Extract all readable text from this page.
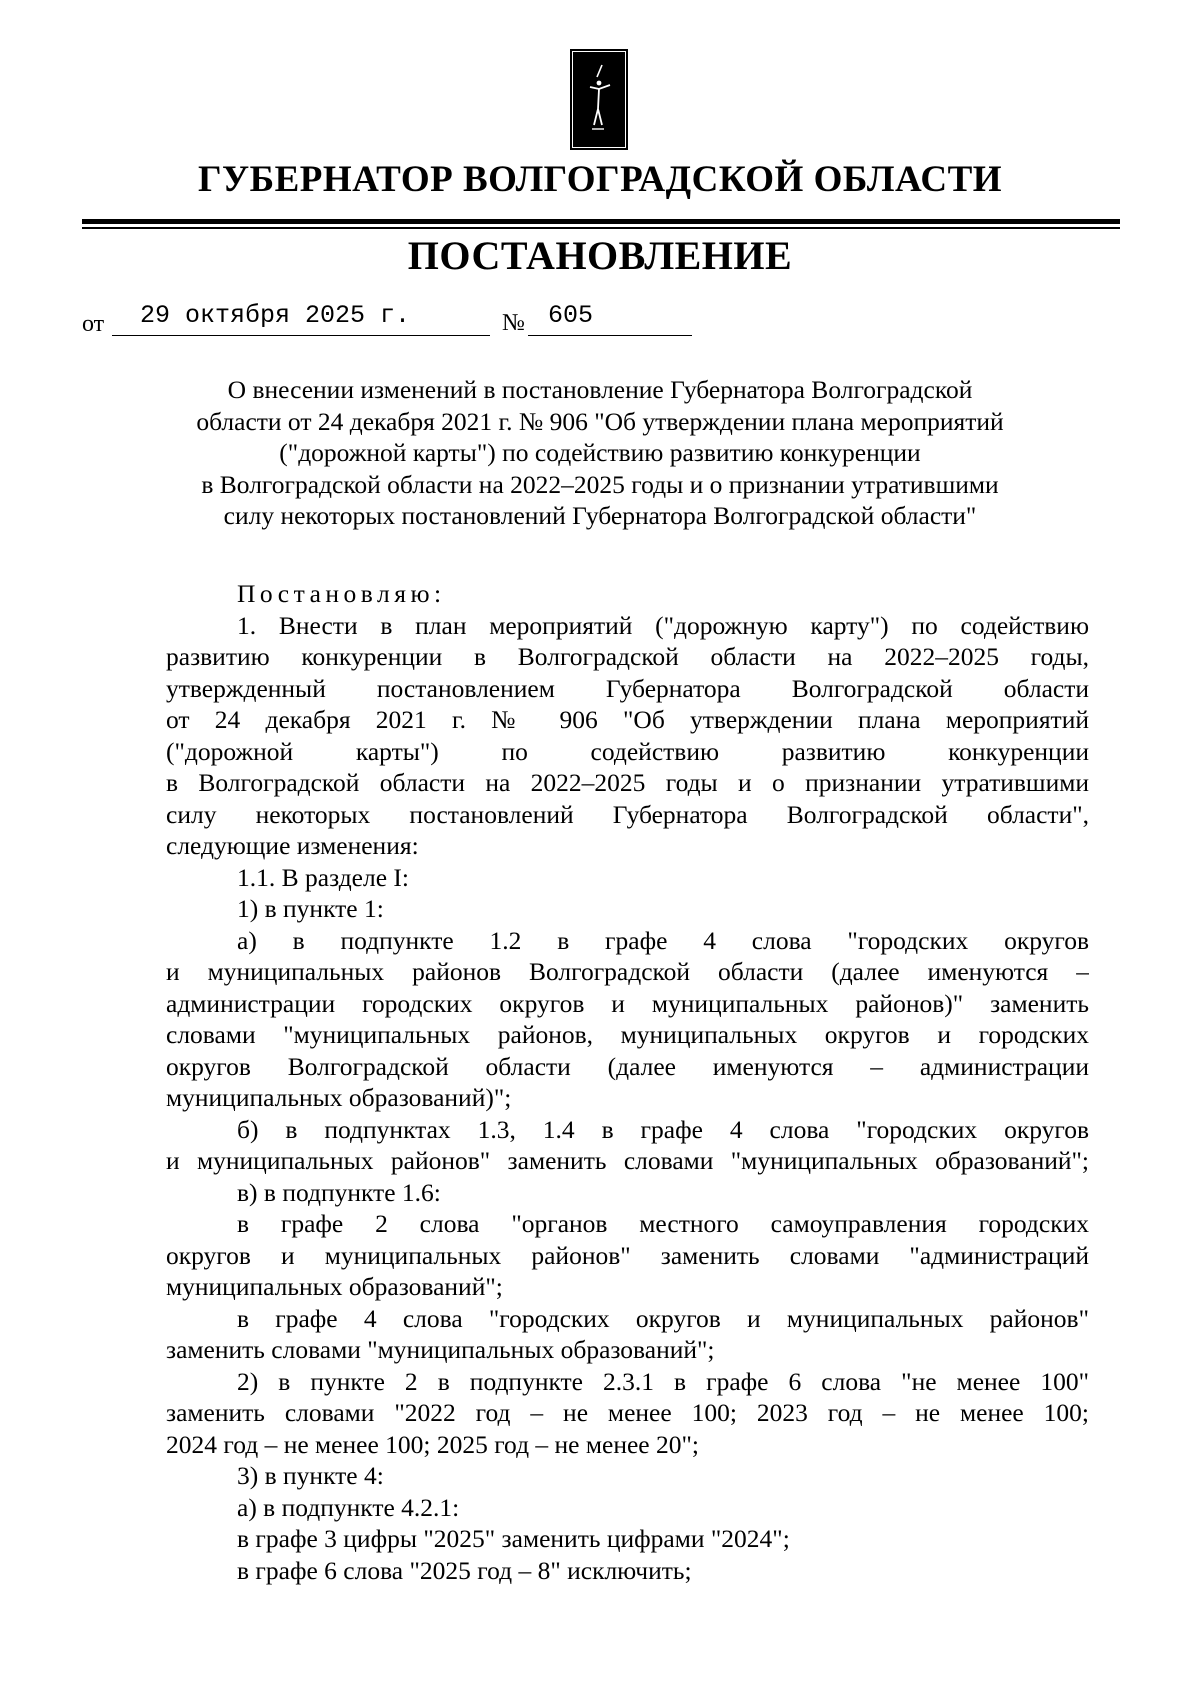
ГУБЕРНАТОР ВОЛГОГРАДСКОЙ ОБЛАСТИ
ПОСТАНОВЛЕНИЕ
от 29 октября 2025 г.	№ 605
О внесении изменений в постановление Губернатора Волгоградской
области от 24 декабря 2021 г. № 906 "Об утверждении плана мероприятий
("дорожной карты") по содействию развитию конкуренции
в Волгоградской области на 2022–2025 годы и о признании утратившими
силу некоторых постановлений Губернатора Волгоградской области"
Постановляю:
1. Внести в план мероприятий ("дорожную карту") по содействию
развитию конкуренции в Волгоградской области на 2022–2025 годы,
утвержденный постановлением Губернатора Волгоградской области
от 24 декабря 2021 г. № 906 "Об утверждении плана мероприятий
("дорожной карты") по содействию развитию конкуренции
в Волгоградской области на 2022–2025 годы и о признании утратившими
силу некоторых постановлений Губернатора Волгоградской области",
следующие изменения:
1.1. В разделе I:
1) в пункте 1:
а) в подпункте 1.2 в графе 4 слова "городских округов
и муниципальных районов Волгоградской области (далее именуются –
администрации городских округов и муниципальных районов)" заменить
словами "муниципальных районов, муниципальных округов и городских
округов Волгоградской области (далее именуются – администрации
муниципальных образований)";
б) в подпунктах 1.3, 1.4 в графе 4 слова "городских округов
и муниципальных районов" заменить словами "муниципальных образований";
в) в подпункте 1.6:
в графе 2 слова "органов местного самоуправления городских
округов и муниципальных районов" заменить словами "администраций
муниципальных образований";
в графе 4 слова "городских округов и муниципальных районов"
заменить словами "муниципальных образований";
2) в пункте 2 в подпункте 2.3.1 в графе 6 слова "не менее 100"
заменить словами "2022 год – не менее 100; 2023 год – не менее 100;
2024 год – не менее 100; 2025 год – не менее 20";
3) в пункте 4:
а) в подпункте 4.2.1:
в графе 3 цифры "2025" заменить цифрами "2024";
в графе 6 слова "2025 год – 8" исключить;
